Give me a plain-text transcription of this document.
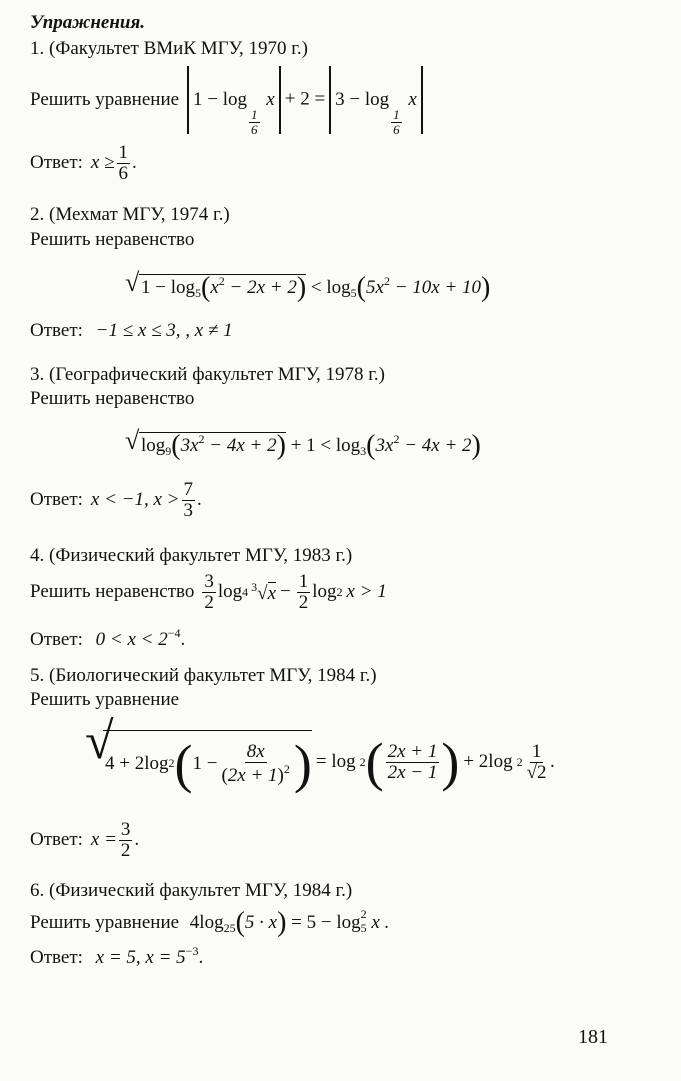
Упражнения.
1. (Факультет ВМиК МГУ, 1970 г.)
Решить уравнение 1 − log
$\frac{1}{6}$
x + 2 = 3 − log
$\frac{1}{6}$
x
Ответ: $x \ge \frac{1}{6}$ .
2. (Мехмат МГУ, 1974 г.)
Решить неравенство
√ $1 - \log_5(x^2 - 2x + 2) < \log_5(5x^2 - 10x + 10)$
Ответ: −1 ≤ x ≤ 3, , x ≠ 1
3. (Географический факультет МГУ, 1978 г.)
Решить неравенство
√ $\log_9(3x^2 - 4x + 2) + 1 < \log_3(3x^2 - 4x + 2)$
Ответ: x < −1, $x > \frac{7}{3}$ .
4. (Физический факультет МГУ, 1983 г.)
Решить неравенство $\frac{3}{2}$ log 4 $^3√x - \frac{1}{2}$ log 2 x > 1
Ответ: $0 < x < 2^{-4}$.
5. (Биологический факультет МГУ, 1984 г.)
Решить уравнение
√
4 + 2log 2 ( $1 - \frac{8x}{(2x + 1)^2}$ ) = log 2 ( $\frac{2x + 1}{2x - 1}$ ) + 2log $2 \frac{1}{√2}$ .
Ответ: $x = \frac{3}{2}$ .
6. (Физический факультет МГУ, 1984 г.)
Решить уравнение $4\log_{25}(5 \cdot x) = 5 - \log _{2 5}$ x .
Ответ: x = 5, $x = 5^{-3}$.
181
